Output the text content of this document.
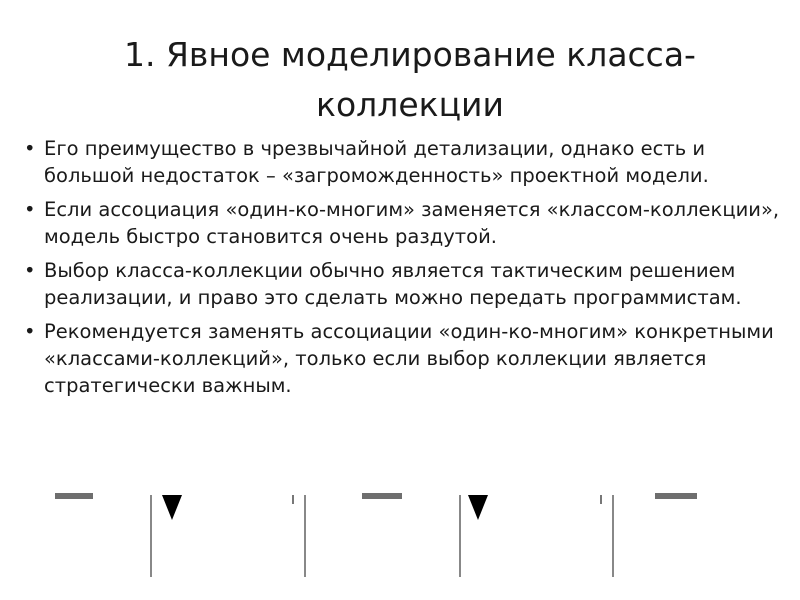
1. Явное моделирование класса-коллекции
• Его преимущество в чрезвычайной детализации, однако есть и большой недостаток – «загроможденность» проектной модели.
• Если ассоциация «один-ко-многим» заменяется «классом-коллекции», модель быстро становится очень раздутой.
• Выбор класса-коллекции обычно является тактическим решением реализации, и право это сделать можно передать программистам.
• Рекомендуется заменять ассоциации «один-ко-многим» конкретными «классами-коллекций», только если выбор коллекции является стратегически важным.
